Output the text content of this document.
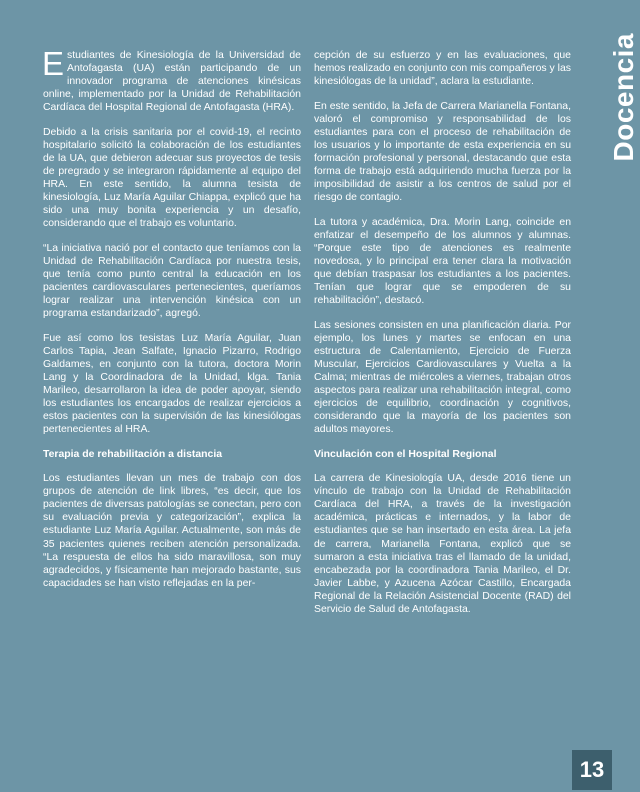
Estudiantes de Kinesiología de la Universidad de Antofagasta (UA) están participando de un innovador programa de atenciones kinésicas online, implementado por la Unidad de Rehabilitación Cardíaca del Hospital Regional de Antofagasta (HRA).

Debido a la crisis sanitaria por el covid-19, el recinto hospitalario solicitó la colaboración de los estudiantes de la UA, que debieron adecuar sus proyectos de tesis de pregrado y se integraron rápidamente al equipo del HRA. En este sentido, la alumna tesista de kinesiología, Luz María Aguilar Chiappa, explicó que ha sido una muy bonita experiencia y un desafío, considerando que el trabajo es voluntario.

“La iniciativa nació por el contacto que teníamos con la Unidad de Rehabilitación Cardíaca por nuestra tesis, que tenía como punto central la educación en los pacientes cardiovasculares pertenecientes, queríamos lograr realizar una intervención kinésica con un programa estandarizado”, agregó.

Fue así como los tesistas Luz María Aguilar, Juan Carlos Tapia, Jean Salfate, Ignacio Pizarro, Rodrigo Galdames, en conjunto con la tutora, doctora Morin Lang y la Coordinadora de la Unidad, klga. Tania Marileo, desarrollaron la idea de poder apoyar, siendo los estudiantes los encargados de realizar ejercicios a estos pacientes con la supervisión de las kinesiólogas pertenecientes al HRA.

Terapia de rehabilitación a distancia

Los estudiantes llevan un mes de trabajo con dos grupos de atención de link libres, “es decir, que los pacientes de diversas patologías se conectan, pero con su evaluación previa y categorización”, explica la estudiante Luz María Aguilar. Actualmente, son más de 35 pacientes quienes reciben atención personalizada. “La respuesta de ellos ha sido maravillosa, son muy agradecidos, y físicamente han mejorado bastante, sus capacidades se han visto reflejadas en la per-

cepción de su esfuerzo y en las evaluaciones, que hemos realizado en conjunto con mis compañeros y las kinesiólogas de la unidad”, aclara la estudiante.

En este sentido, la Jefa de Carrera Marianella Fontana, valoró el compromiso y responsabilidad de los estudiantes para con el proceso de rehabilitación de los usuarios y lo importante de esta experiencia en su formación profesional y personal, destacando que esta forma de trabajo está adquiriendo mucha fuerza por la imposibilidad de asistir a los centros de salud por el riesgo de contagio.

La tutora y académica, Dra. Morin Lang, coincide en enfatizar el desempeño de los alumnos y alumnas. “Porque este tipo de atenciones es realmente novedosa, y lo principal era tener clara la motivación que debían traspasar los estudiantes a los pacientes. Tenían que lograr que se empoderen de su rehabilitación”, destacó.

Las sesiones consisten en una planificación diaria. Por ejemplo, los lunes y martes se enfocan en una estructura de Calentamiento, Ejercicio de Fuerza Muscular, Ejercicios Cardiovasculares y Vuelta a la Calma; mientras de miércoles a viernes, trabajan otros aspectos para realizar una rehabilitación integral, como ejercicios de equilibrio, coordinación y cognitivos, considerando que la mayoría de los pacientes son adultos mayores.

Vinculación con el Hospital Regional

La carrera de Kinesiología UA, desde 2016 tiene un vínculo de trabajo con la Unidad de Rehabilitación Cardíaca del HRA, a través de la investigación académica, prácticas e internados, y la labor de estudiantes que se han insertado en esta área. La jefa de carrera, Marianella Fontana, explicó que se sumaron a esta iniciativa tras el llamado de la unidad, encabezada por la coordinadora Tania Marileo, el Dr. Javier Labbe, y Azucena Azócar Castillo, Encargada Regional de la Relación Asistencial Docente (RAD) del Servicio de Salud de Antofagasta.

Docencia
13
